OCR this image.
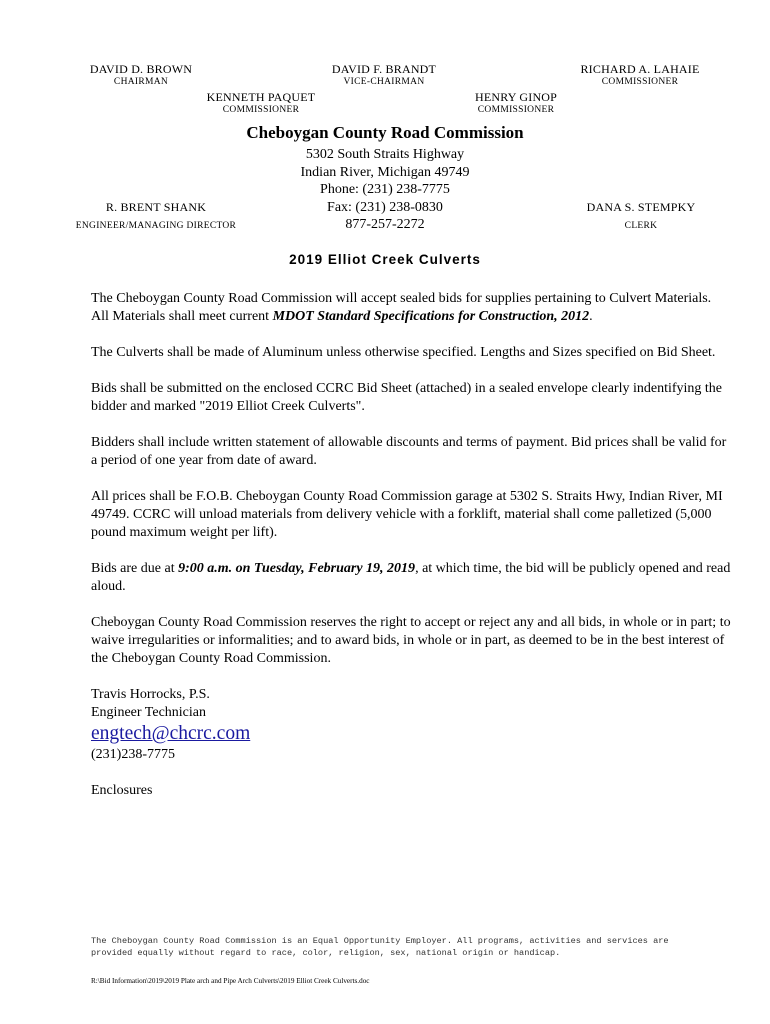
DAVID D. BROWN
CHAIRMAN
DAVID F. BRANDT
VICE-CHAIRMAN
RICHARD A. LAHAIE
COMMISSIONER
KENNETH PAQUET
COMMISSIONER
HENRY GINOP
COMMISSIONER
R. BRENT SHANK
ENGINEER/MANAGING DIRECTOR
DANA S. STEMPKY
CLERK
Cheboygan County Road Commission
5302 South Straits Highway
Indian River, Michigan 49749
Phone: (231) 238-7775
Fax: (231) 238-0830
877-257-2272
2019 Elliot Creek Culverts

The Cheboygan County Road Commission will accept sealed bids for supplies pertaining to Culvert Materials. All Materials shall meet current MDOT Standard Specifications for Construction, 2012.

The Culverts shall be made of Aluminum unless otherwise specified. Lengths and Sizes specified on Bid Sheet.

Bids shall be submitted on the enclosed CCRC Bid Sheet (attached) in a sealed envelope clearly indentifying the bidder and marked "2019 Elliot Creek Culverts".

Bidders shall include written statement of allowable discounts and terms of payment. Bid prices shall be valid for a period of one year from date of award.

All prices shall be F.O.B. Cheboygan County Road Commission garage at 5302 S. Straits Hwy, Indian River, MI 49749. CCRC will unload materials from delivery vehicle with a forklift, material shall come palletized (5,000 pound maximum weight per lift).

Bids are due at 9:00 a.m. on Tuesday, February 19, 2019, at which time, the bid will be publicly opened and read aloud.

Cheboygan County Road Commission reserves the right to accept or reject any and all bids, in whole or in part; to waive irregularities or informalities; and to award bids, in whole or in part, as deemed to be in the best interest of the Cheboygan County Road Commission.

Travis Horrocks, P.S.
Engineer Technician
engtech@chcrc.com
(231)238-7775
Enclosures
The Cheboygan County Road Commission is an Equal Opportunity Employer. All programs, activities and services are provided equally without regard to race, color, religion, sex, national origin or handicap.
R:\Bid Information\2019\2019 Plate arch and Pipe Arch Culverts\2019 Elliot Creek Culverts.doc
